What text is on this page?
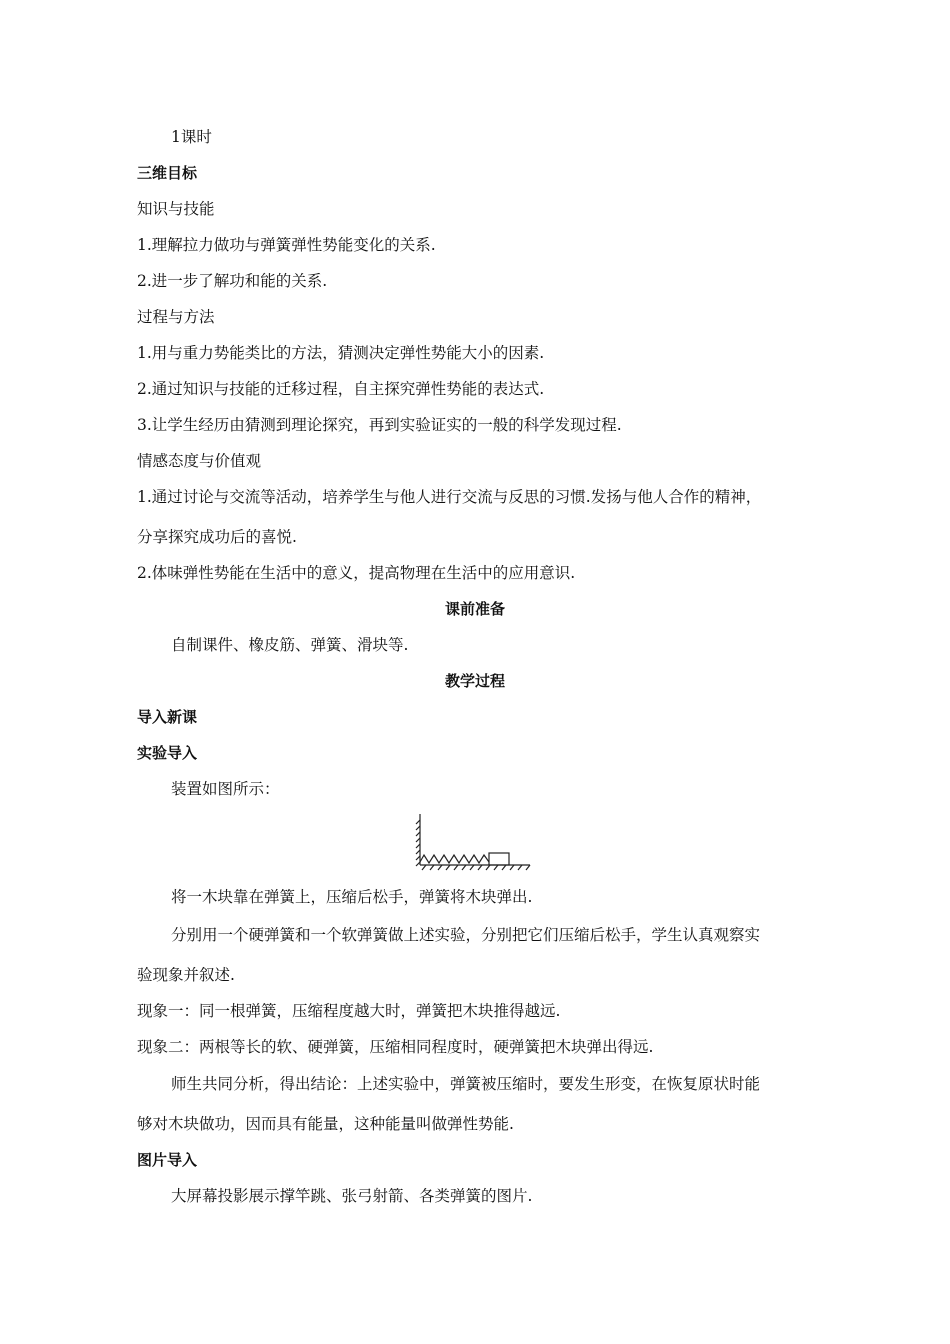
1课时

三维目标

知识与技能

1.理解拉力做功与弹簧弹性势能变化的关系.

2.进一步了解功和能的关系.

过程与方法

1.用与重力势能类比的方法，猜测决定弹性势能大小的因素.

2.通过知识与技能的迁移过程，自主探究弹性势能的表达式.

3.让学生经历由猜测到理论探究，再到实验证实的一般的科学发现过程.

情感态度与价值观

1.通过讨论与交流等活动，培养学生与他人进行交流与反思的习惯.发扬与他人合作的精神，

分享探究成功后的喜悦.

2.体味弹性势能在生活中的意义，提高物理在生活中的应用意识.

课前准备

自制课件、橡皮筋、弹簧、滑块等.

教学过程

导入新课

实验导入

装置如图所示：

将一木块靠在弹簧上，压缩后松手，弹簧将木块弹出.

分别用一个硬弹簧和一个软弹簧做上述实验，分别把它们压缩后松手，学生认真观察实

验现象并叙述.

现象一：同一根弹簧，压缩程度越大时，弹簧把木块推得越远.

现象二：两根等长的软、硬弹簧，压缩相同程度时，硬弹簧把木块弹出得远.

师生共同分析，得出结论：上述实验中，弹簧被压缩时，要发生形变，在恢复原状时能

够对木块做功，因而具有能量，这种能量叫做弹性势能.

图片导入

大屏幕投影展示撑竿跳、张弓射箭、各类弹簧的图片.
